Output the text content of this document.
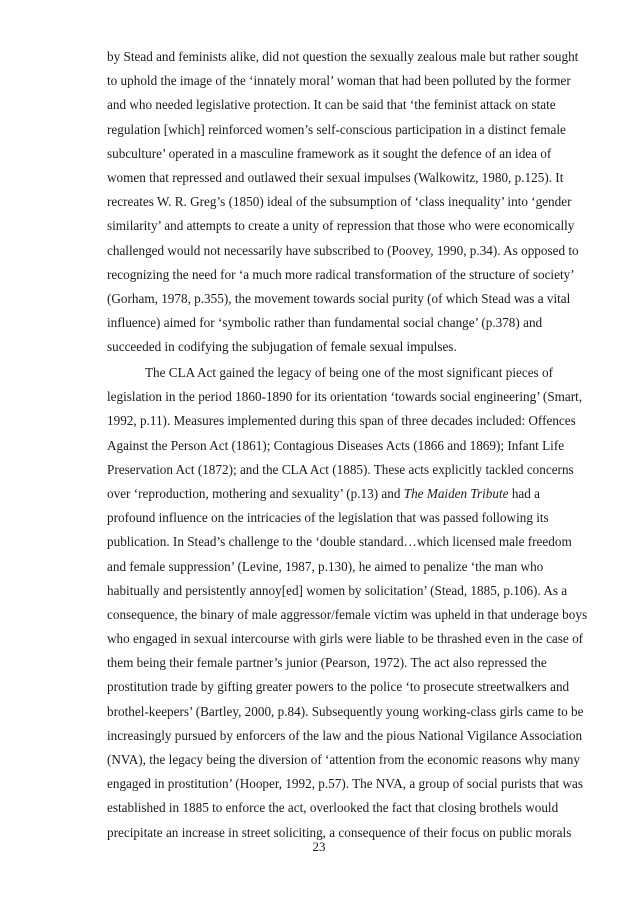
by Stead and feminists alike, did not question the sexually zealous male but rather sought
to uphold the image of the ‘innately moral’ woman that had been polluted by the former
and who needed legislative protection. It can be said that ‘the feminist attack on state
regulation [which] reinforced women’s self-conscious participation in a distinct female
subculture’ operated in a masculine framework as it sought the defence of an idea of
women that repressed and outlawed their sexual impulses (Walkowitz, 1980, p.125). It
recreates W. R. Greg’s (1850) ideal of the subsumption of ‘class inequality’ into ‘gender
similarity’ and attempts to create a unity of repression that those who were economically
challenged would not necessarily have subscribed to (Poovey, 1990, p.34). As opposed to
recognizing the need for ‘a much more radical transformation of the structure of society’
(Gorham, 1978, p.355), the movement towards social purity (of which Stead was a vital
influence) aimed for ‘symbolic rather than fundamental social change’ (p.378) and
succeeded in codifying the subjugation of female sexual impulses.
The CLA Act gained the legacy of being one of the most significant pieces of
legislation in the period 1860-1890 for its orientation ‘towards social engineering’ (Smart,
1992, p.11). Measures implemented during this span of three decades included: Offences
Against the Person Act (1861); Contagious Diseases Acts (1866 and 1869); Infant Life
Preservation Act (1872); and the CLA Act (1885). These acts explicitly tackled concerns
over ‘reproduction, mothering and sexuality’ (p.13) and The Maiden Tribute had a
profound influence on the intricacies of the legislation that was passed following its
publication. In Stead’s challenge to the ‘double standard…which licensed male freedom
and female suppression’ (Levine, 1987, p.130), he aimed to penalize ‘the man who
habitually and persistently annoy[ed] women by solicitation’ (Stead, 1885, p.106). As a
consequence, the binary of male aggressor/female victim was upheld in that underage boys
who engaged in sexual intercourse with girls were liable to be thrashed even in the case of
them being their female partner’s junior (Pearson, 1972). The act also repressed the
prostitution trade by gifting greater powers to the police ‘to prosecute streetwalkers and
brothel-keepers’ (Bartley, 2000, p.84). Subsequently young working-class girls came to be
increasingly pursued by enforcers of the law and the pious National Vigilance Association
(NVA), the legacy being the diversion of ‘attention from the economic reasons why many
engaged in prostitution’ (Hooper, 1992, p.57). The NVA, a group of social purists that was
established in 1885 to enforce the act, overlooked the fact that closing brothels would
precipitate an increase in street soliciting, a consequence of their focus on public morals
23
